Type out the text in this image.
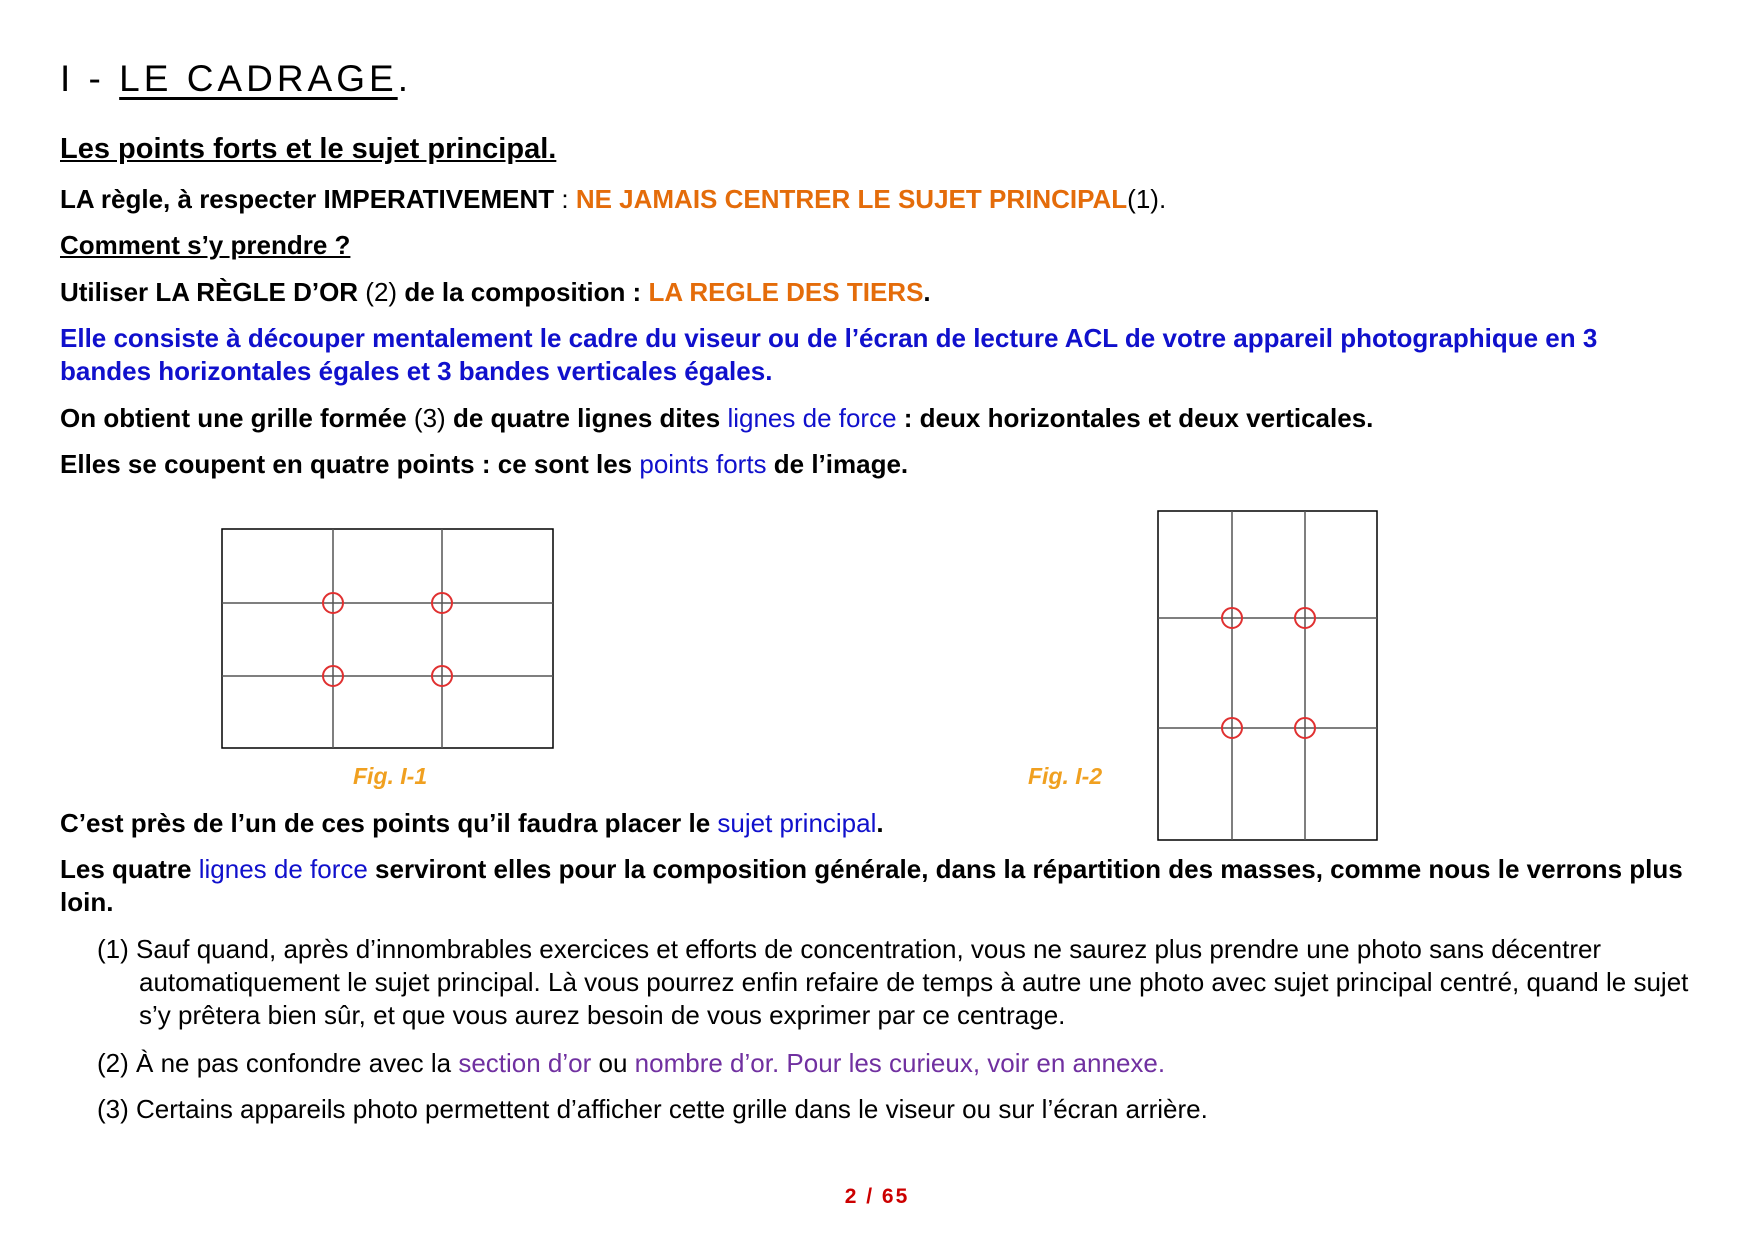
I - LE CADRAGE.
Les points forts et le sujet principal.
LA règle, à respecter IMPERATIVEMENT : NE JAMAIS CENTRER LE SUJET PRINCIPAL(1).
Comment s’y prendre ?
Utiliser LA RÈGLE D’OR (2) de la composition : LA REGLE DES TIERS.
Elle consiste à découper mentalement le cadre du viseur ou de l’écran de lecture ACL de votre appareil photographique en 3 bandes horizontales égales et 3 bandes verticales égales.
On obtient une grille formée (3) de quatre lignes dites lignes de force : deux horizontales et deux verticales.
Elles se coupent en quatre points : ce sont les points forts de l’image.
Fig. I-1	Fig. I-2
C’est près de l’un de ces points qu’il faudra placer le sujet principal.
Les quatre lignes de force serviront elles pour la composition générale, dans la répartition des masses, comme nous le verrons plus loin.
(1) Sauf quand, après d’innombrables exercices et efforts de concentration, vous ne saurez plus prendre une photo sans décentrer automatiquement le sujet principal. Là vous pourrez enfin refaire de temps à autre une photo avec sujet principal centré, quand le sujet s’y prêtera bien sûr, et que vous aurez besoin de vous exprimer par ce centrage.
(2) À ne pas confondre avec la section d’or ou nombre d’or. Pour les curieux, voir en annexe.
(3) Certains appareils photo permettent d’afficher cette grille dans le viseur ou sur l’écran arrière.
2 / 65
